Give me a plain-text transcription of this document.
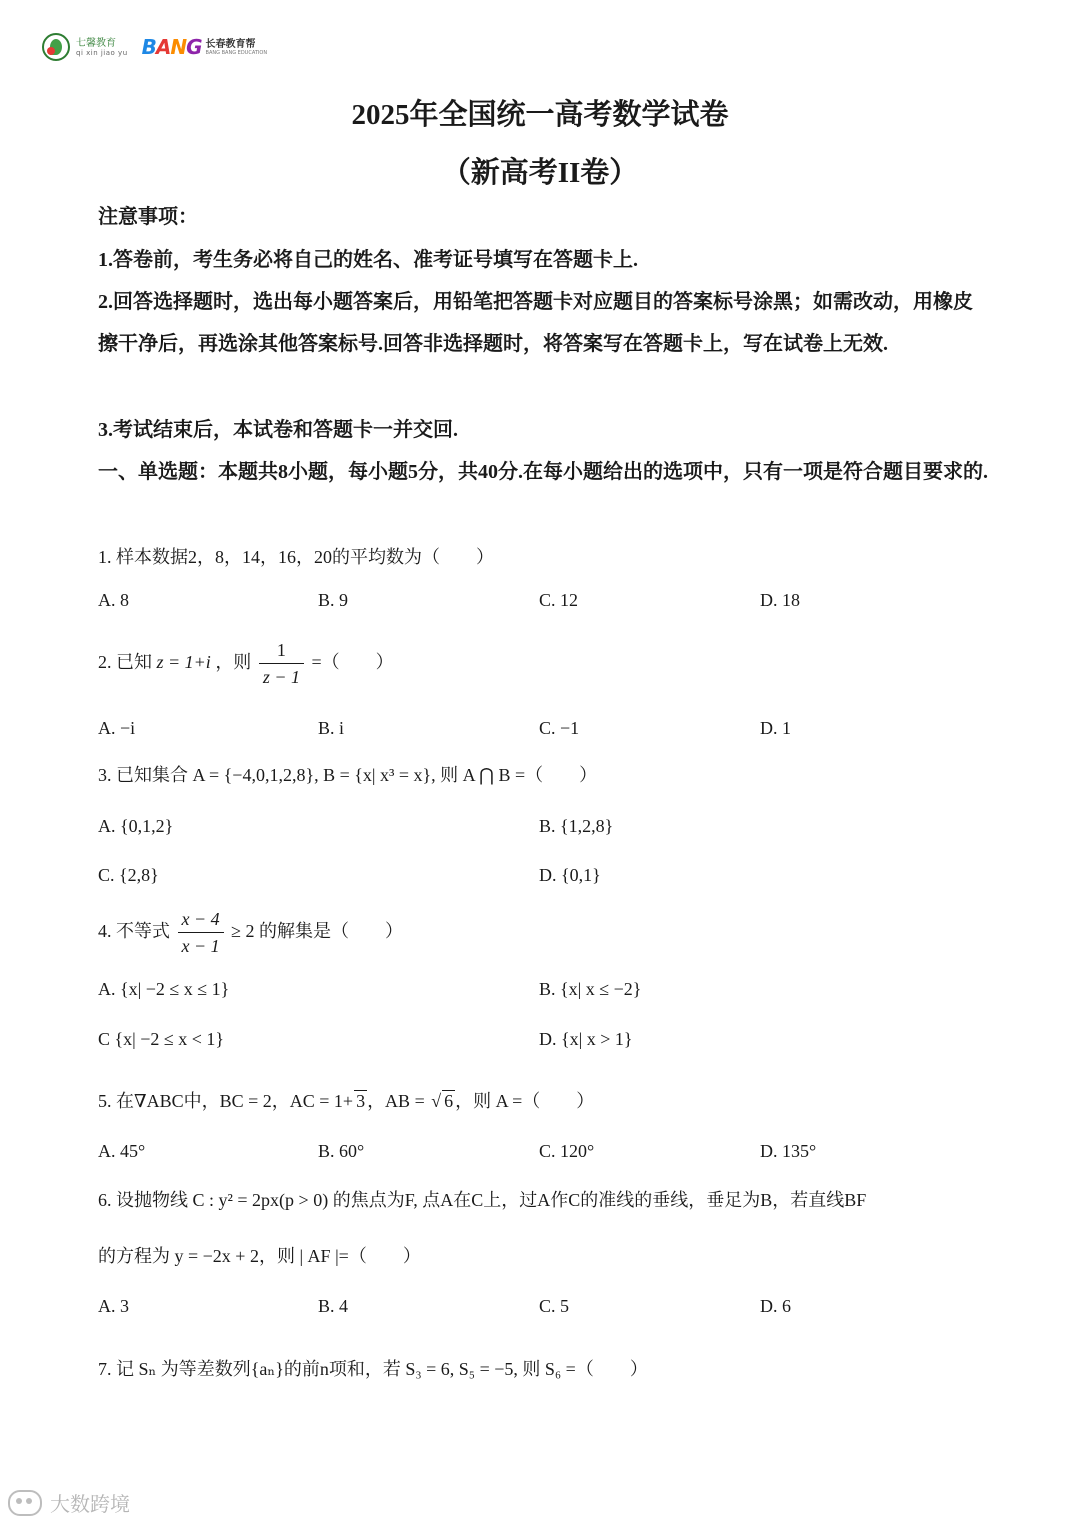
七馨教育
qi xin jiao yu BANG 长春教育帮
BANG BANG EDUCATION
2025年全国统一高考数学试卷
（新高考II卷）
注意事项：
1.答卷前，考生务必将自己的姓名、准考证号填写在答题卡上.
2.回答选择题时，选出每小题答案后，用铅笔把答题卡对应题目的答案标号涂黑；如需改动，用橡皮擦干净后，再选涂其他答案标号.回答非选择题时，将答案写在答题卡上，写在试卷上无效.
3.考试结束后，本试卷和答题卡一并交回.
一、单选题：本题共8小题，每小题5分，共40分.在每小题给出的选项中，只有一项是符合题目要求的.
1. 样本数据2，8，14，16，20的平均数为（　　）
A. 8	B. 9	C. 12	D. 18
2. 已知 z = 1+i ，则 $\frac{1}{z - 1}$ =（　　）
A. −i	B. i	C. −1	D. 1
3. 已知集合 A = {−4,0,1,2,8}, B = {x| x³ = x}, 则 A ⋂ B =（　　）
A. {0,1,2}	B. {1,2,8}
C. {2,8}	D. {0,1}
4. 不等式 $\frac{x - 4}{x - 1} \ge 2$ 的解集是（　　）
A. {x| −2 ≤ x ≤ 1}	B. {x| x ≤ −2}
C {x| −2 ≤ x < 1}	D. {x| x > 1}
5. 在∇ABC中，BC = 2，AC = 1+ 3 ，AB = √ 6 ，则 A =（　　）
A. 45°	B. 60°	C. 120°	D. 135°
6. 设抛物线 C : y² = 2px(p > 0) 的焦点为F, 点A在C上，过A作C的准线的垂线，垂足为B，若直线BF
的方程为 y = −2x + 2，则 | AF |=（　　）
A. 3	B. 4	C. 5	D. 6
7. 记 Sₙ 为等差数列{aₙ}的前n项和，若 S₃ = 6, S₅ = −5, 则 S₆ =（　　）
大数跨境
